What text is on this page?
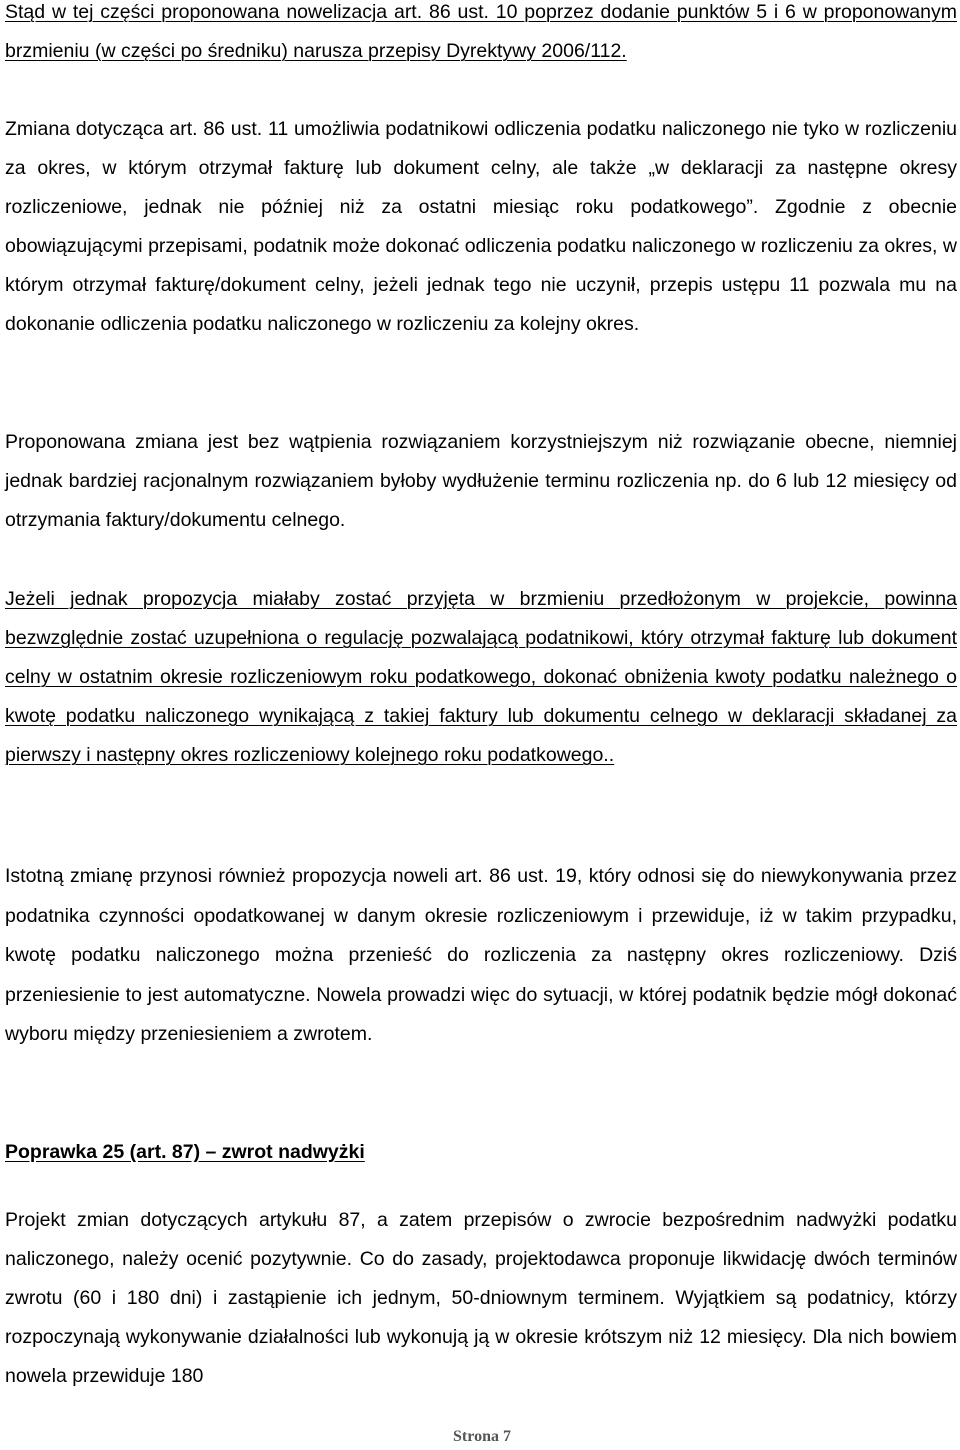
Stąd w tej części proponowana nowelizacja art. 86 ust. 10 poprzez dodanie punktów 5 i 6 w proponowanym brzmieniu (w części po średniku) narusza przepisy Dyrektywy 2006/112.

Zmiana dotycząca art. 86 ust. 11 umożliwia podatnikowi odliczenia podatku naliczonego nie tyko w rozliczeniu za okres, w którym otrzymał fakturę lub dokument celny, ale także „w deklaracji za następne okresy rozliczeniowe, jednak nie później niż za ostatni miesiąc roku podatkowego”. Zgodnie z obecnie obowiązującymi przepisami, podatnik może dokonać odliczenia podatku naliczonego w rozliczeniu za okres, w którym otrzymał fakturę/dokument celny, jeżeli jednak tego nie uczynił, przepis ustępu 11 pozwala mu na dokonanie odliczenia podatku naliczonego w rozliczeniu za kolejny okres.

Proponowana zmiana jest bez wątpienia rozwiązaniem korzystniejszym niż rozwiązanie obecne, niemniej jednak bardziej racjonalnym rozwiązaniem byłoby wydłużenie terminu rozliczenia np. do 6 lub 12 miesięcy od otrzymania faktury/dokumentu celnego.

Jeżeli jednak propozycja miałaby zostać przyjęta w brzmieniu przedłożonym w projekcie, powinna bezwzględnie zostać uzupełniona o regulację pozwalającą podatnikowi, który otrzymał fakturę lub dokument celny w ostatnim okresie rozliczeniowym roku podatkowego, dokonać obniżenia kwoty podatku należnego o kwotę podatku naliczonego wynikającą z takiej faktury lub dokumentu celnego w deklaracji składanej za pierwszy i następny okres rozliczeniowy kolejnego roku podatkowego..

Istotną zmianę przynosi również propozycja noweli art. 86 ust. 19, który odnosi się do niewykonywania przez podatnika czynności opodatkowanej w danym okresie rozliczeniowym i przewiduje, iż w takim przypadku, kwotę podatku naliczonego można przenieść do rozliczenia za następny okres rozliczeniowy. Dziś przeniesienie to jest automatyczne. Nowela prowadzi więc do sytuacji, w której podatnik będzie mógł dokonać wyboru między przeniesieniem a zwrotem.

Poprawka 25 (art. 87) – zwrot nadwyżki

Projekt zmian dotyczących artykułu 87, a zatem przepisów o zwrocie bezpośrednim nadwyżki podatku naliczonego, należy ocenić pozytywnie. Co do zasady, projektodawca proponuje likwidację dwóch terminów zwrotu (60 i 180 dni) i zastąpienie ich jednym, 50-dniownym terminem. Wyjątkiem są podatnicy, którzy rozpoczynają wykonywanie działalności lub wykonują ją w okresie krótszym niż 12 miesięcy. Dla nich bowiem nowela przewiduje 180

Strona 7
